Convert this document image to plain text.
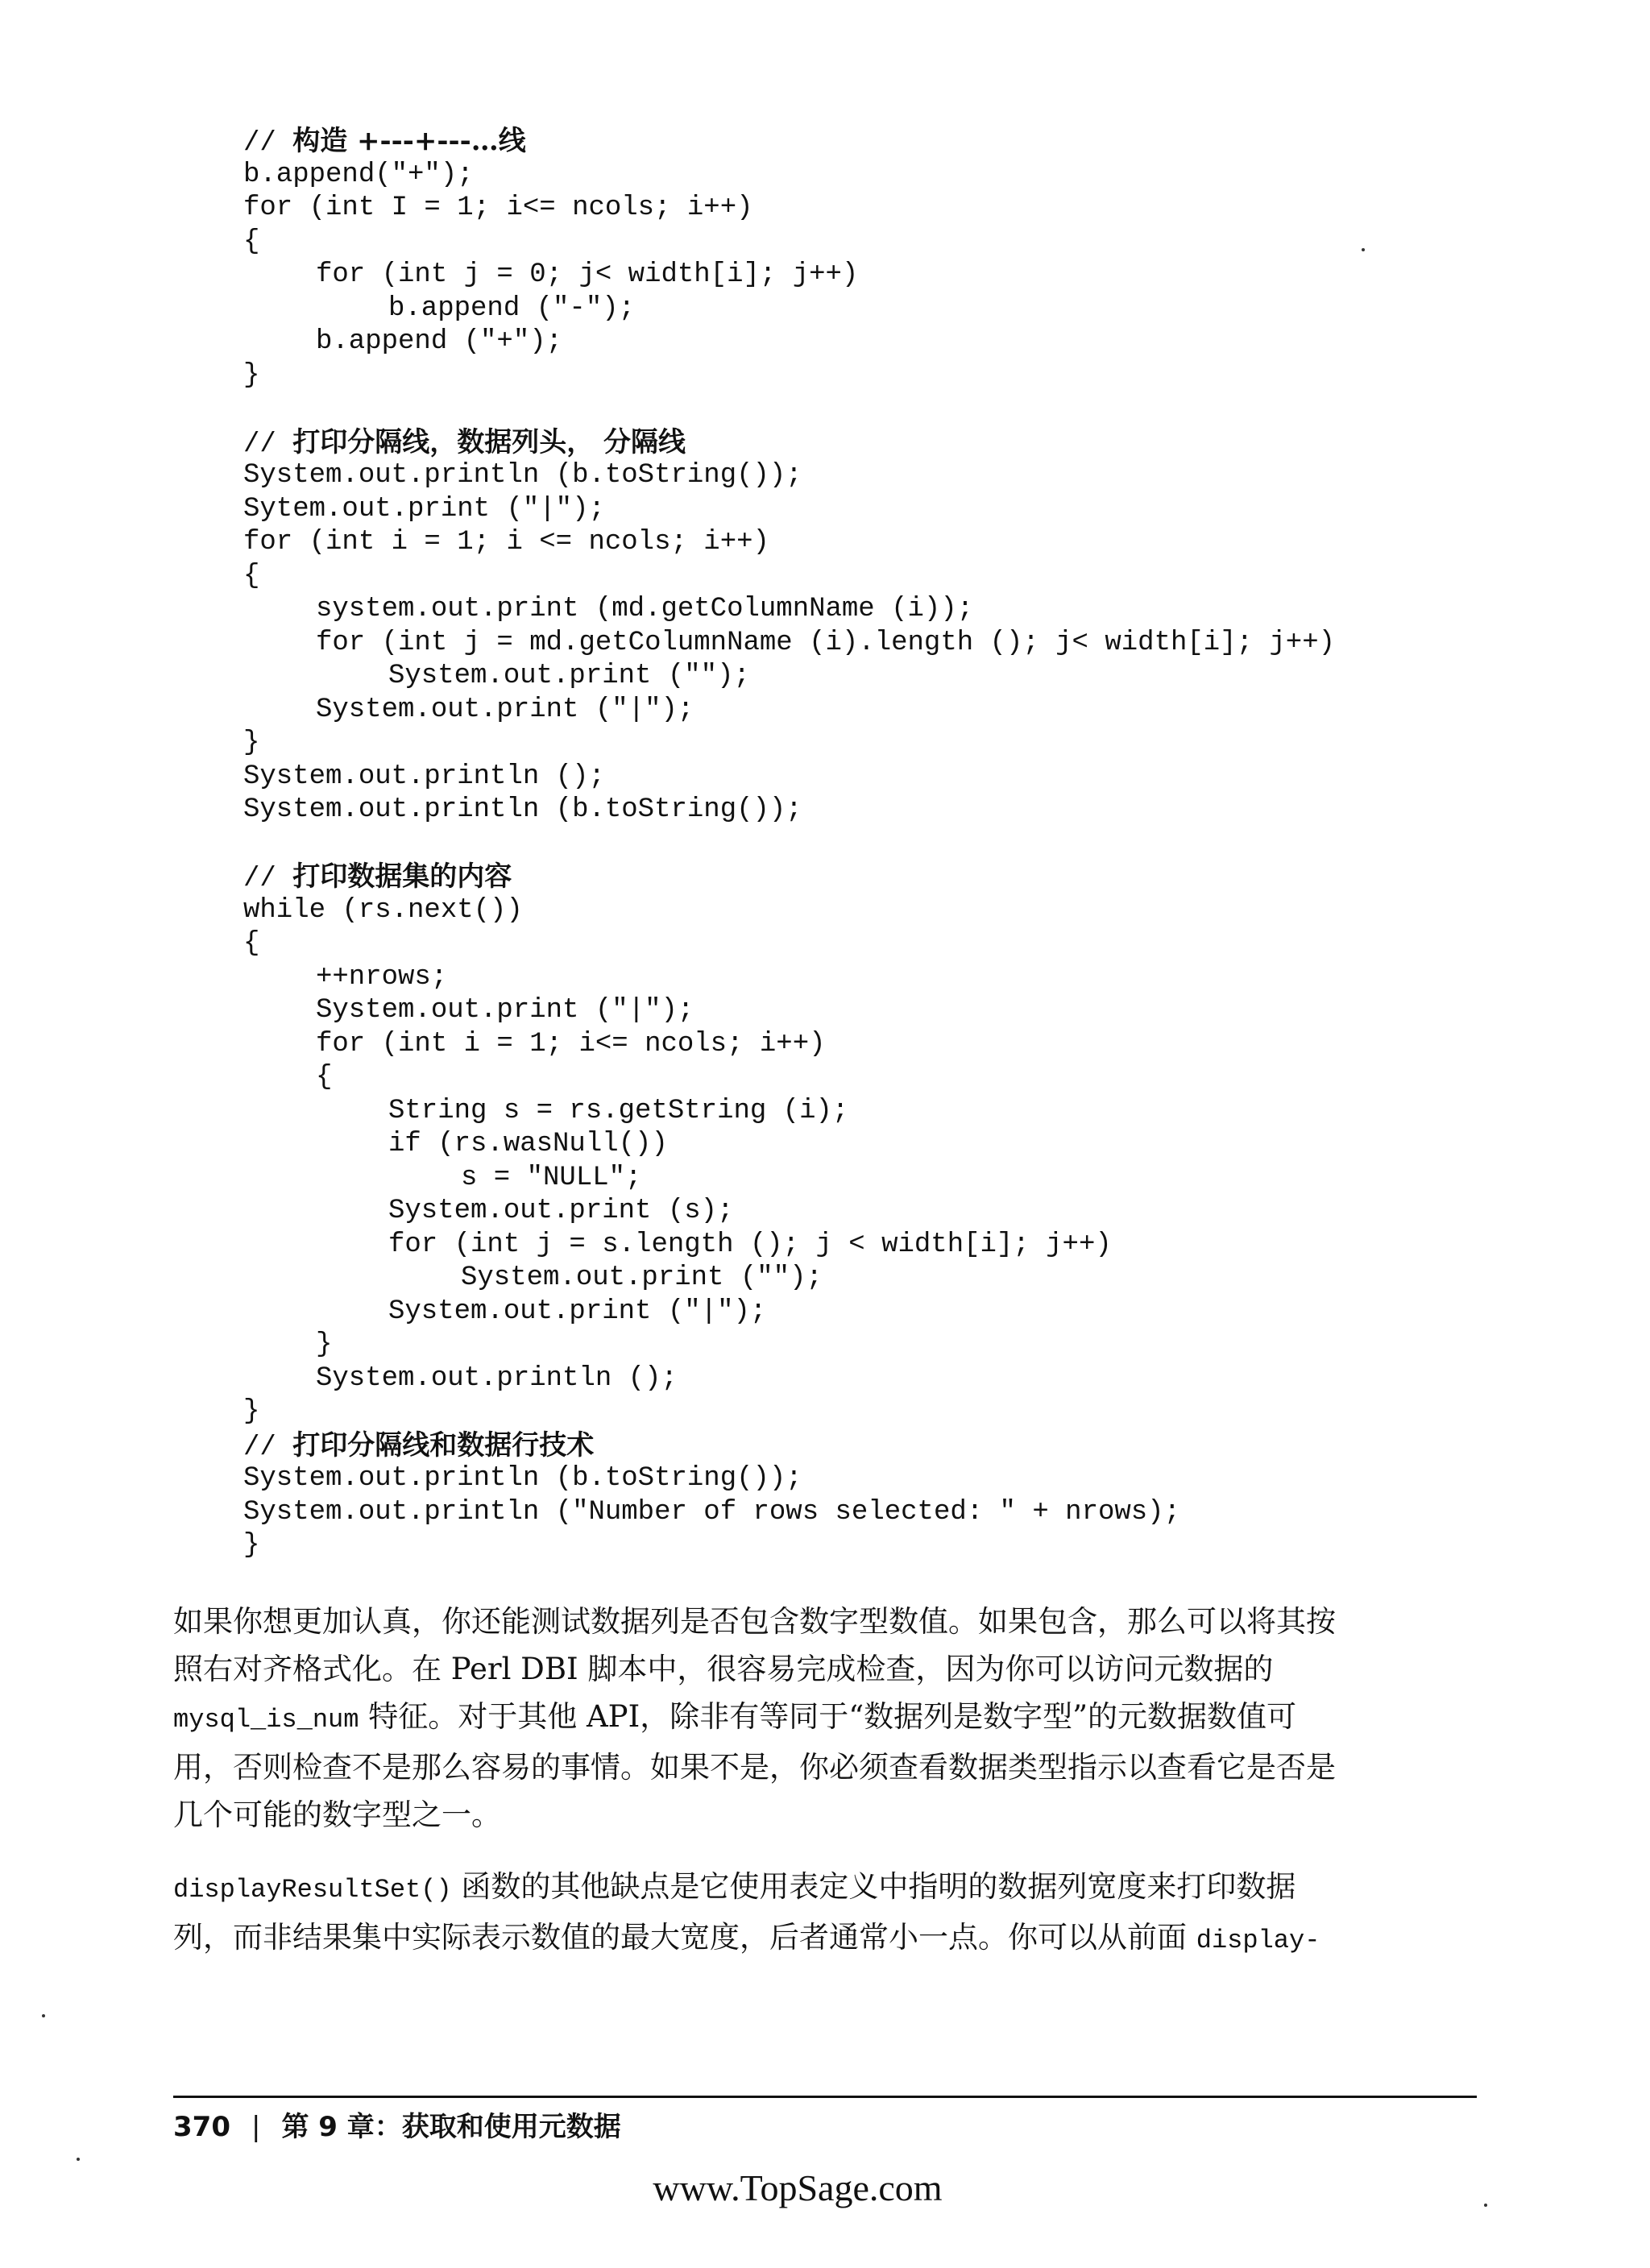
// 构造 +---+---…线
b.append("+");
for (int I = 1; i<= ncols; i++)
{
for (int j = 0; j< width[i]; j++)
b.append ("-");
b.append ("+");
}
// 打印分隔线，数据列头， 分隔线
System.out.println (b.toString());
Sytem.out.print ("|");
for (int i = 1; i <= ncols; i++)
{
system.out.print (md.getColumnName (i));
for (int j = md.getColumnName (i).length (); j< width[i]; j++)
System.out.print ("");
System.out.print ("|");
}
System.out.println ();
System.out.println (b.toString());
// 打印数据集的内容
while (rs.next())
{
++nrows;
System.out.print ("|");
for (int i = 1; i<= ncols; i++)
{
String s = rs.getString (i);
if (rs.wasNull())
s = "NULL";
System.out.print (s);
for (int j = s.length (); j < width[i]; j++)
System.out.print ("");
System.out.print ("|");
}
System.out.println ();
}
// 打印分隔线和数据行技术
System.out.println (b.toString());
System.out.println ("Number of rows selected: " + nrows);
}

如果你想更加认真，你还能测试数据列是否包含数字型数值。如果包含，那么可以将其按
照右对齐格式化。在 Perl DBI 脚本中，很容易完成检查，因为你可以访问元数据的
mysql_is_num 特征。对于其他 API，除非有等同于“数据列是数字型”的元数据数值可
用，否则检查不是那么容易的事情。如果不是，你必须查看数据类型指示以查看它是否是
几个可能的数字型之一。

displayResultSet() 函数的其他缺点是它使用表定义中指明的数据列宽度来打印数据
列，而非结果集中实际表示数值的最大宽度，后者通常小一点。你可以从前面 display-

370 | 第 9 章：获取和使用元数据
www.TopSage.com
